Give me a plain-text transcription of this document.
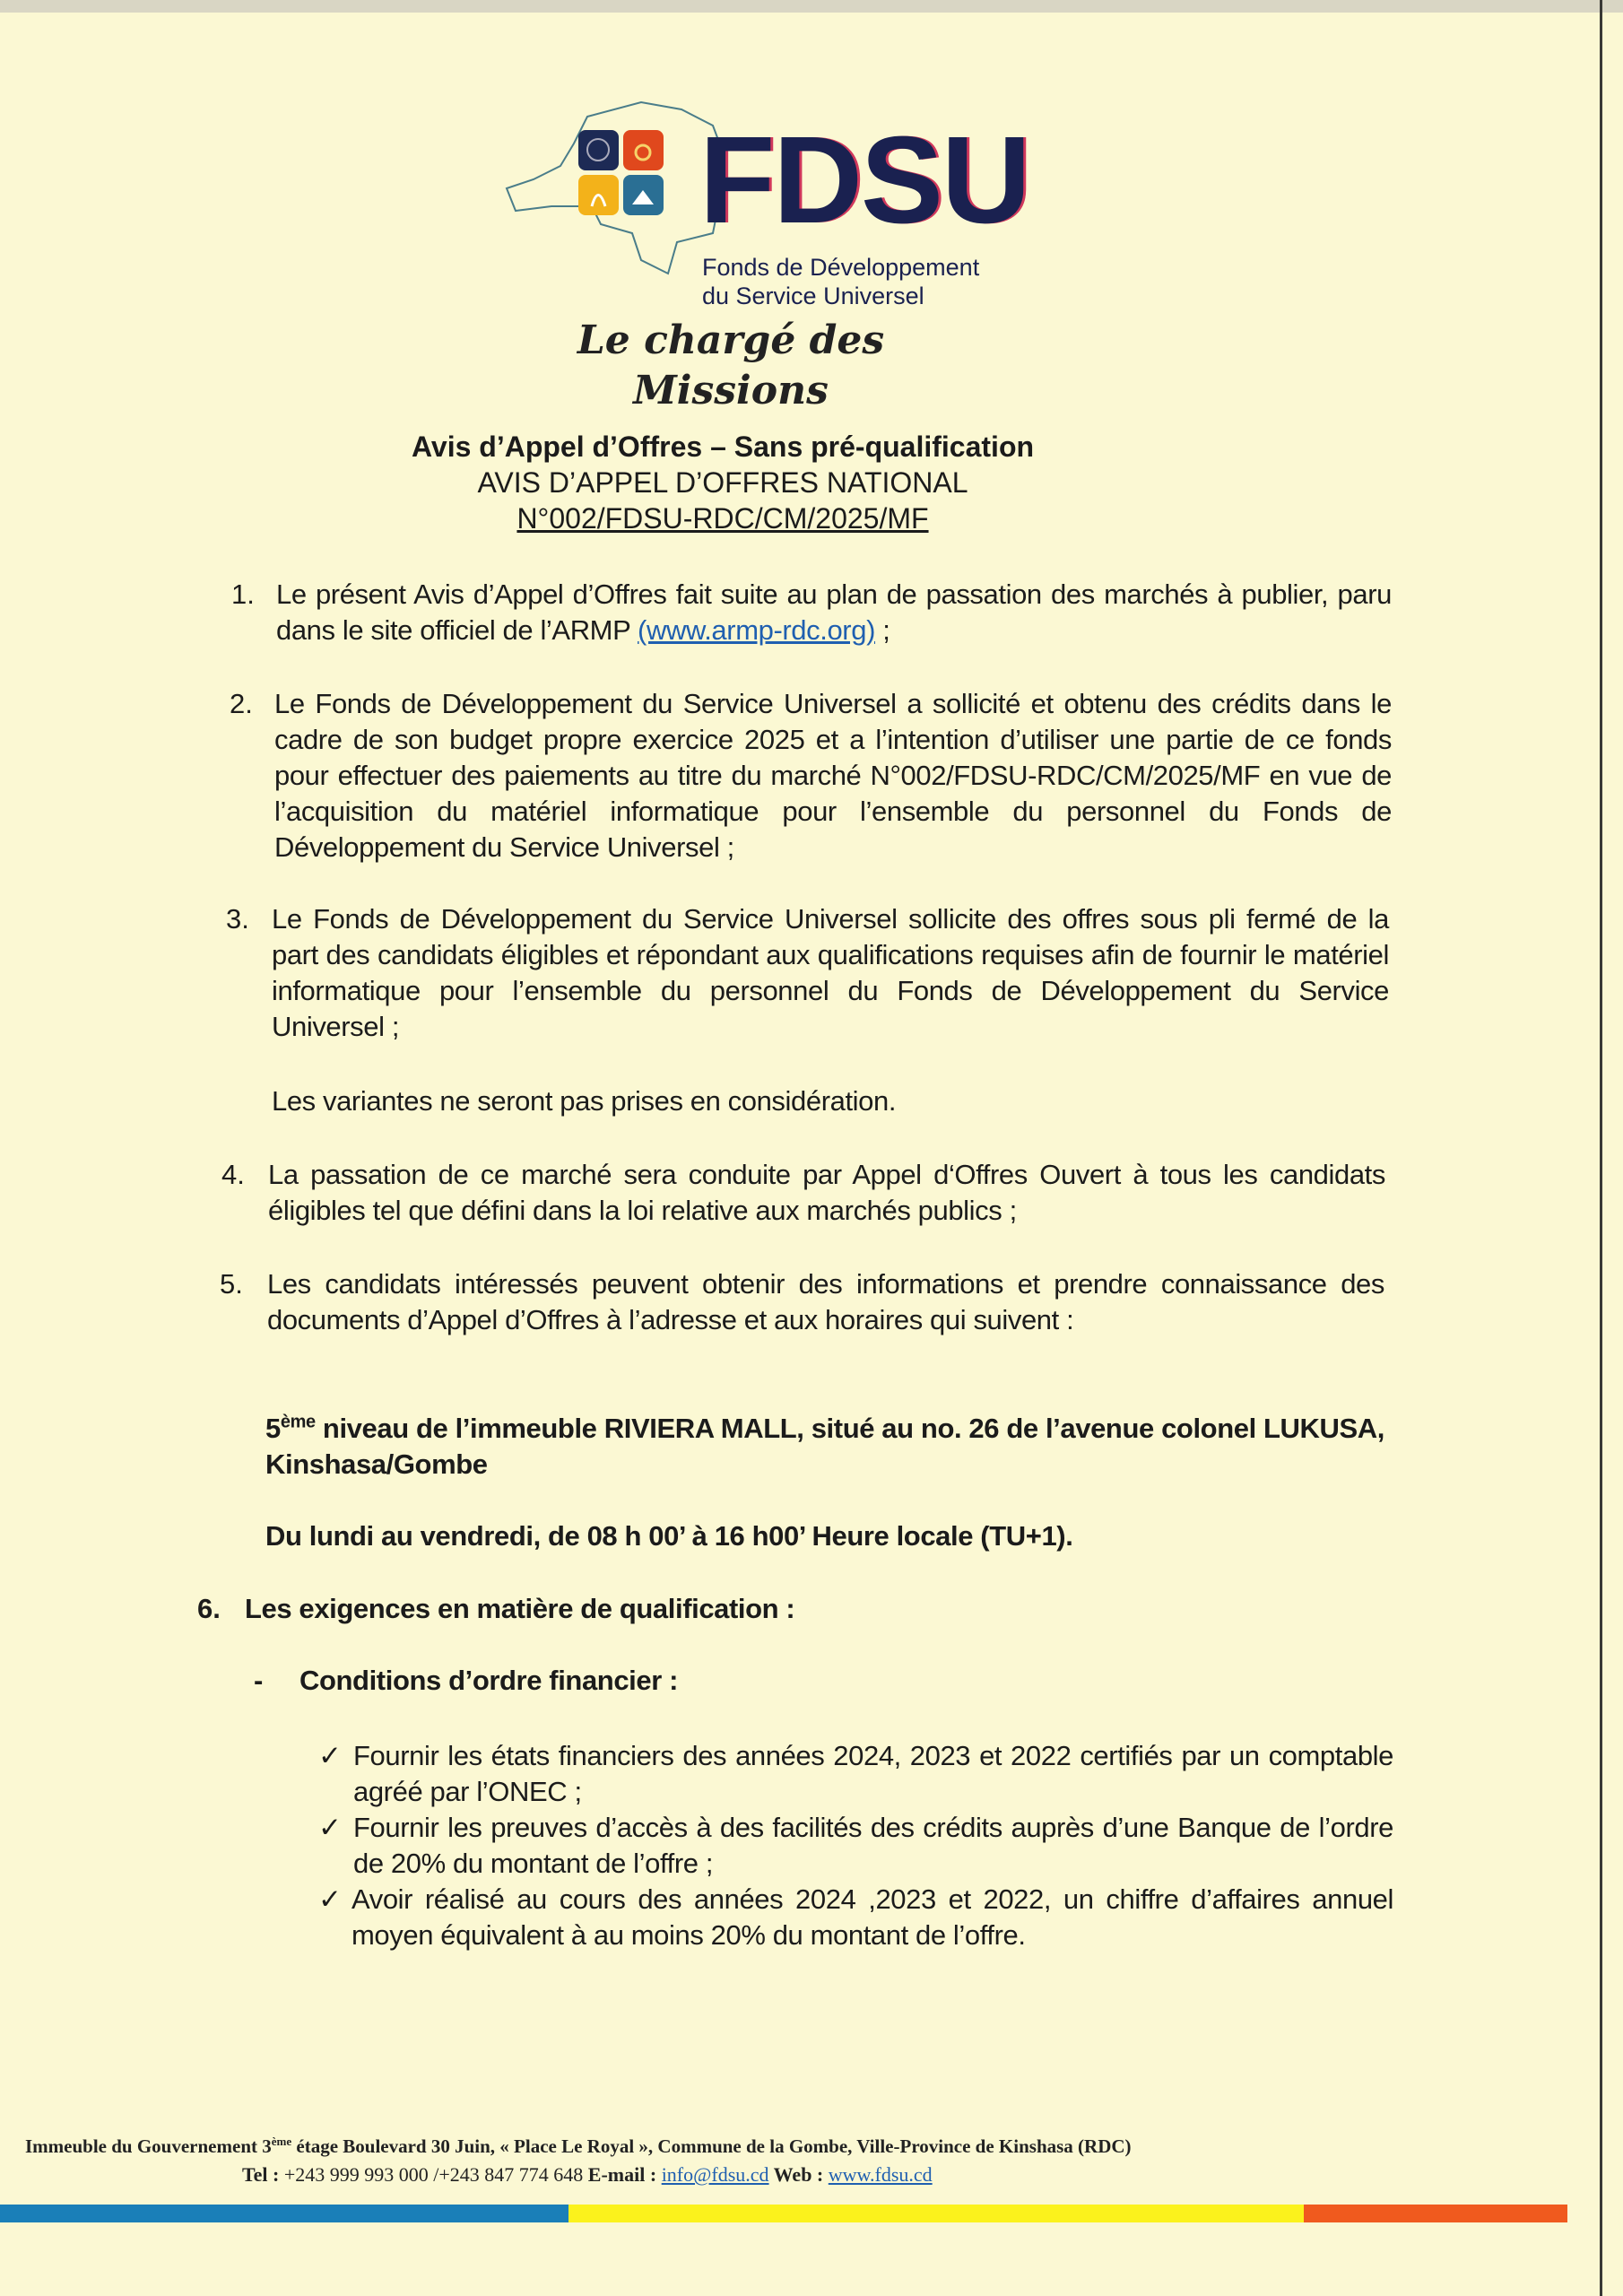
FDSU
Fonds de Développement
du Service Universel
Le chargé des Missions
Avis d’Appel d’Offres – Sans pré-qualification
AVIS D’APPEL D’OFFRES NATIONAL
N°002/FDSU-RDC/CM/2025/MF
1. Le présent Avis d’Appel d’Offres fait suite au plan de passation des marchés à publier, paru dans le site officiel de l’ARMP (www.armp-rdc.org) ;
2. Le Fonds de Développement du Service Universel a sollicité et obtenu des crédits dans le cadre de son budget propre exercice 2025 et a l’intention d’utiliser une partie de ce fonds pour effectuer des paiements au titre du marché N°002/FDSU-RDC/CM/2025/MF en vue de l’acquisition du matériel informatique pour l’ensemble du personnel du Fonds de Développement du Service Universel ;
3. Le Fonds de Développement du Service Universel sollicite des offres sous pli fermé de la part des candidats éligibles et répondant aux qualifications requises afin de fournir le matériel informatique pour l’ensemble du personnel du Fonds de Développement du Service Universel ;
Les variantes ne seront pas prises en considération.
4. La passation de ce marché sera conduite par Appel d‘Offres Ouvert à tous les candidats éligibles tel que défini dans la loi relative aux marchés publics ;
5. Les candidats intéressés peuvent obtenir des informations et prendre connaissance des documents d’Appel d’Offres à l’adresse et aux horaires qui suivent :
5ème niveau de l’immeuble RIVIERA MALL, situé au no. 26 de l’avenue colonel LUKUSA, Kinshasa/Gombe
Du lundi au vendredi, de 08 h 00’ à 16 h00’ Heure locale (TU+1).
6. Les exigences en matière de qualification :
- Conditions d’ordre financier :
✓ Fournir les états financiers des années 2024, 2023 et 2022 certifiés par un comptable agréé par l’ONEC ;
✓ Fournir les preuves d’accès à des facilités des crédits auprès d’une Banque de l’ordre de 20% du montant de l’offre ;
✓ Avoir réalisé au cours des années 2024 ,2023 et 2022, un chiffre d’affaires annuel moyen équivalent à au moins 20% du montant de l’offre.
Immeuble du Gouvernement 3ème étage Boulevard 30 Juin, « Place Le Royal », Commune de la Gombe, Ville-Province de Kinshasa (RDC)
Tel : +243 999 993 000 /+243 847 774 648 E-mail : info@fdsu.cd Web : www.fdsu.cd
